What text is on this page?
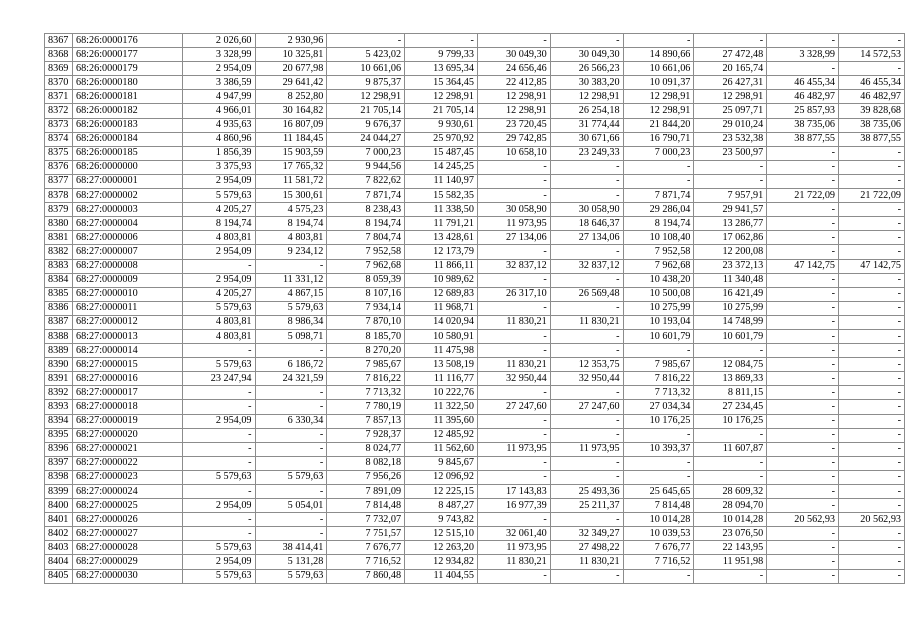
8367	68:26:0000176	2 026,60	2 930,96	-	-	-	-	-	-	-	-
8368	68:26:0000177	3 328,99	10 325,81	5 423,02	9 799,33	30 049,30	30 049,30	14 890,66	27 472,48	3 328,99	14 572,53
8369	68:26:0000179	2 954,09	20 677,98	10 661,06	13 695,34	24 656,46	26 566,23	10 661,06	20 165,74	-	-
8370	68:26:0000180	3 386,59	29 641,42	9 875,37	15 364,45	22 412,85	30 383,20	10 091,37	26 427,31	46 455,34	46 455,34
8371	68:26:0000181	4 947,99	8 252,80	12 298,91	12 298,91	12 298,91	12 298,91	12 298,91	12 298,91	46 482,97	46 482,97
8372	68:26:0000182	4 966,01	30 164,82	21 705,14	21 705,14	12 298,91	26 254,18	12 298,91	25 097,71	25 857,93	39 828,68
8373	68:26:0000183	4 935,63	16 807,09	9 676,37	9 930,61	23 720,45	31 774,44	21 844,20	29 010,24	38 735,06	38 735,06
8374	68:26:0000184	4 860,96	11 184,45	24 044,27	25 970,92	29 742,85	30 671,66	16 790,71	23 532,38	38 877,55	38 877,55
8375	68:26:0000185	1 856,39	15 903,59	7 000,23	15 487,45	10 658,10	23 249,33	7 000,23	23 500,97	-	-
8376	68:26:0000000	3 375,93	17 765,32	9 944,56	14 245,25	-	-	-	-	-	-
8377	68:27:0000001	2 954,09	11 581,72	7 822,62	11 140,97	-	-	-	-	-	-
8378	68:27:0000002	5 579,63	15 300,61	7 871,74	15 582,35	-	-	7 871,74	7 957,91	21 722,09	21 722,09
8379	68:27:0000003	4 205,27	4 575,23	8 238,43	11 338,50	30 058,90	30 058,90	29 286,04	29 941,57	-	-
8380	68:27:0000004	8 194,74	8 194,74	8 194,74	11 791,21	11 973,95	18 646,37	8 194,74	13 286,77	-	-
8381	68:27:0000006	4 803,81	4 803,81	7 804,74	13 428,61	27 134,06	27 134,06	10 108,40	17 062,86	-	-
8382	68:27:0000007	2 954,09	9 234,12	7 952,58	12 173,79	-	-	7 952,58	12 200,08	-	-
8383	68:27:0000008	-	-	7 962,68	11 866,11	32 837,12	32 837,12	7 962,68	23 372,13	47 142,75	47 142,75
8384	68:27:0000009	2 954,09	11 331,12	8 059,39	10 989,62	-	-	10 438,20	11 340,48	-	-
8385	68:27:0000010	4 205,27	4 867,15	8 107,16	12 689,83	26 317,10	26 569,48	10 500,08	16 421,49	-	-
8386	68:27:0000011	5 579,63	5 579,63	7 934,14	11 968,71	-	-	10 275,99	10 275,99	-	-
8387	68:27:0000012	4 803,81	8 986,34	7 870,10	14 020,94	11 830,21	11 830,21	10 193,04	14 748,99	-	-
8388	68:27:0000013	4 803,81	5 098,71	8 185,70	10 580,91	-	-	10 601,79	10 601,79	-	-
8389	68:27:0000014	-	-	8 270,20	11 475,98	-	-	-	-	-	-
8390	68:27:0000015	5 579,63	6 186,72	7 985,67	13 508,19	11 830,21	12 353,75	7 985,67	12 084,75	-	-
8391	68:27:0000016	23 247,94	24 321,59	7 816,22	11 116,77	32 950,44	32 950,44	7 816,22	13 869,33	-	-
8392	68:27:0000017	-	-	7 713,32	10 222,76	-	-	7 713,32	8 811,15	-	-
8393	68:27:0000018	-	-	7 780,19	11 322,50	27 247,60	27 247,60	27 034,34	27 234,45	-	-
8394	68:27:0000019	2 954,09	6 330,34	7 857,13	11 395,60	-	-	10 176,25	10 176,25	-	-
8395	68:27:0000020	-	-	7 928,37	12 485,92	-	-	-	-	-	-
8396	68:27:0000021	-	-	8 024,77	11 562,60	11 973,95	11 973,95	10 393,37	11 607,87	-	-
8397	68:27:0000022	-	-	8 082,18	9 845,67	-	-	-	-	-	-
8398	68:27:0000023	5 579,63	5 579,63	7 956,26	12 096,92	-	-	-	-	-	-
8399	68:27:0000024	-	-	7 891,09	12 225,15	17 143,83	25 493,36	25 645,65	28 609,32	-	-
8400	68:27:0000025	2 954,09	5 054,01	7 814,48	8 487,27	16 977,39	25 211,37	7 814,48	28 094,70	-	-
8401	68:27:0000026	-	-	7 732,07	9 743,82	-	-	10 014,28	10 014,28	20 562,93	20 562,93
8402	68:27:0000027	-	-	7 751,57	12 515,10	32 061,40	32 349,27	10 039,53	23 076,50	-	-
8403	68:27:0000028	5 579,63	38 414,41	7 676,77	12 263,20	11 973,95	27 498,22	7 676,77	22 143,95	-	-
8404	68:27:0000029	2 954,09	5 131,28	7 716,52	12 934,82	11 830,21	11 830,21	7 716,52	11 951,98	-	-
8405	68:27:0000030	5 579,63	5 579,63	7 860,48	11 404,55	-	-	-	-	-	-
